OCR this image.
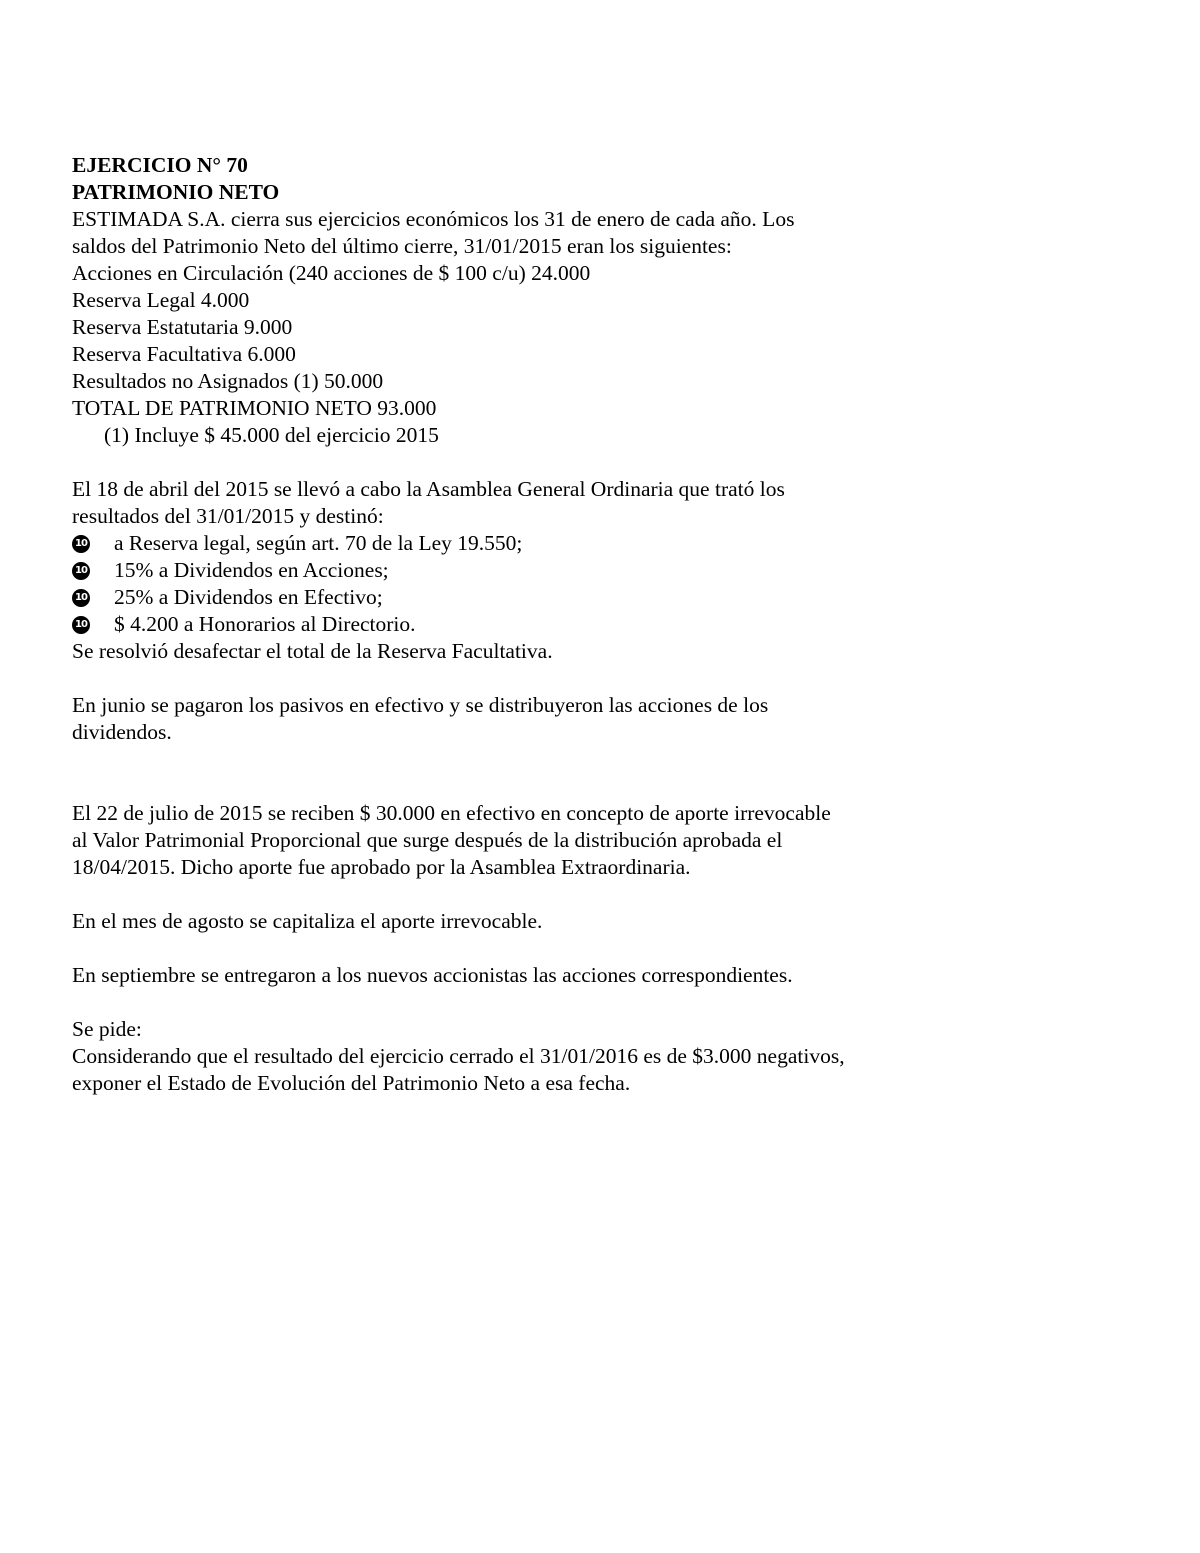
EJERCICIO N° 70
PATRIMONIO NETO
ESTIMADA S.A. cierra sus ejercicios económicos los 31 de enero de cada año. Los
saldos del Patrimonio Neto del último cierre, 31/01/2015 eran los siguientes:
Acciones en Circulación (240 acciones de $ 100 c/u) 24.000
Reserva Legal 4.000
Reserva Estatutaria 9.000
Reserva Facultativa 6.000
Resultados no Asignados (1) 50.000
TOTAL DE PATRIMONIO NETO 93.000
(1) Incluye $ 45.000 del ejercicio 2015
El 18 de abril del 2015 se llevó a cabo la Asamblea General Ordinaria que trató los
resultados del 31/01/2015 y destinó:
10 a Reserva legal, según art. 70 de la Ley 19.550;
10 15% a Dividendos en Acciones;
10 25% a Dividendos en Efectivo;
10 $ 4.200 a Honorarios al Directorio.
Se resolvió desafectar el total de la Reserva Facultativa.
En junio se pagaron los pasivos en efectivo y se distribuyeron las acciones de los
dividendos.
El 22 de julio de 2015 se reciben $ 30.000 en efectivo en concepto de aporte irrevocable
al Valor Patrimonial Proporcional que surge después de la distribución aprobada el
18/04/2015. Dicho aporte fue aprobado por la Asamblea Extraordinaria.
En el mes de agosto se capitaliza el aporte irrevocable.
En septiembre se entregaron a los nuevos accionistas las acciones correspondientes.
Se pide:
Considerando que el resultado del ejercicio cerrado el 31/01/2016 es de $3.000 negativos,
exponer el Estado de Evolución del Patrimonio Neto a esa fecha.
